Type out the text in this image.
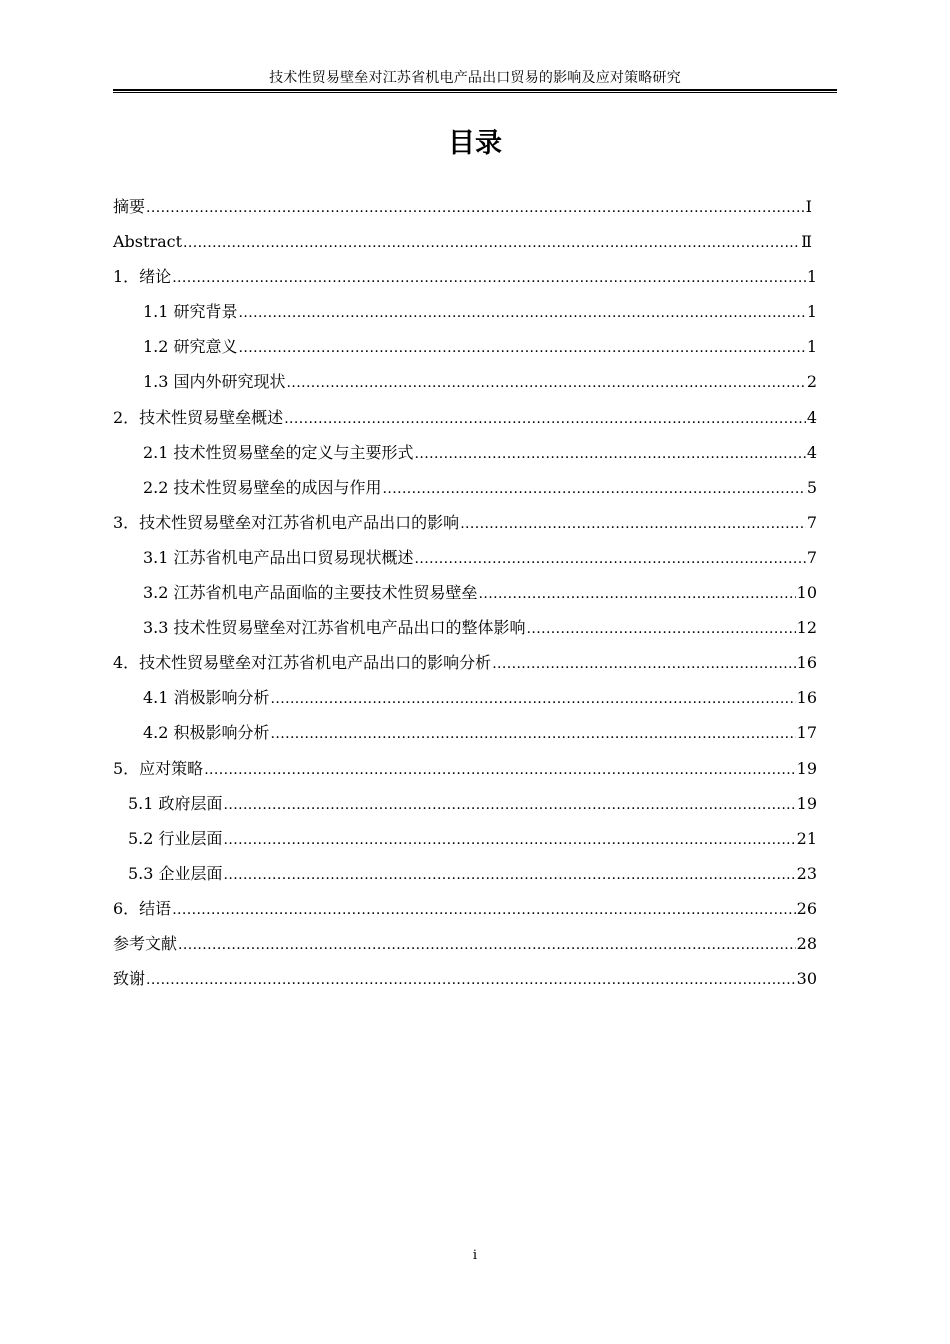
技术性贸易壁垒对江苏省机电产品出口贸易的影响及应对策略研究
目录
摘要 .....	Ⅰ
Abstract .....	Ⅱ
1．绪论 .....	1
1.1 研究背景 .....	1
1.2 研究意义 .....	1
1.3 国内外研究现状 .....	2
2．技术性贸易壁垒概述 .....	4
2.1 技术性贸易壁垒的定义与主要形式 .....	4
2.2 技术性贸易壁垒的成因与作用 .....	5
3．技术性贸易壁垒对江苏省机电产品出口的影响 .....	7
3.1 江苏省机电产品出口贸易现状概述 .....	7
3.2 江苏省机电产品面临的主要技术性贸易壁垒 .....	10
3.3 技术性贸易壁垒对江苏省机电产品出口的整体影响 .....	12
4．技术性贸易壁垒对江苏省机电产品出口的影响分析 .....	16
4.1 消极影响分析 .....	16
4.2 积极影响分析 .....	17
5．应对策略 .....	19
5.1 政府层面 .....	19
5.2 行业层面 .....	21
5.3 企业层面 .....	23
6．结语 .....	26
参考文献 .....	28
致谢 .....	30
i
